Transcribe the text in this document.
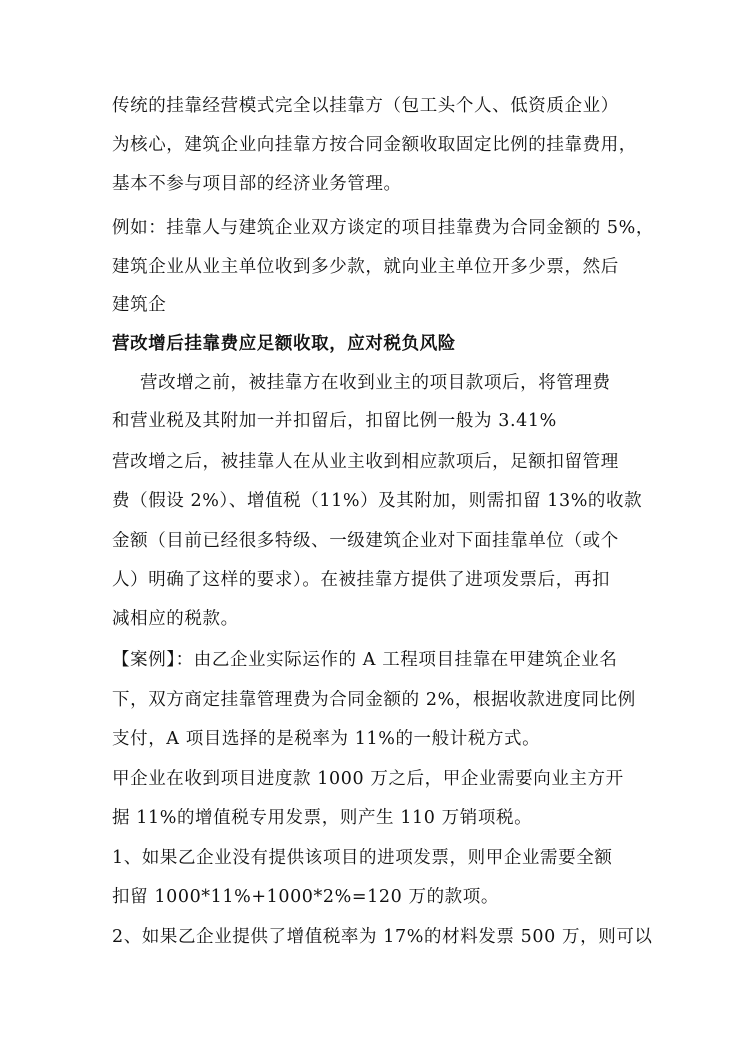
传统的挂靠经营模式完全以挂靠方（包工头个人、低资质企业）
为核心，建筑企业向挂靠方按合同金额收取固定比例的挂靠费用，
基本不参与项目部的经济业务管理。
例如：挂靠人与建筑企业双方谈定的项目挂靠费为合同金额的 5%，
建筑企业从业主单位收到多少款，就向业主单位开多少票，然后
建筑企
营改增后挂靠费应足额收取，应对税负风险
营改增之前，被挂靠方在收到业主的项目款项后，将管理费
和营业税及其附加一并扣留后，扣留比例一般为 3.41%
营改增之后，被挂靠人在从业主收到相应款项后，足额扣留管理
费（假设 2%）、增值税（11%）及其附加，则需扣留 13%的收款
金额（目前已经很多特级、一级建筑企业对下面挂靠单位（或个
人）明确了这样的要求）。在被挂靠方提供了进项发票后，再扣
减相应的税款。
【案例】：由乙企业实际运作的 A 工程项目挂靠在甲建筑企业名
下，双方商定挂靠管理费为合同金额的 2%，根据收款进度同比例
支付，A 项目选择的是税率为 11%的一般计税方式。
甲企业在收到项目进度款 1000 万之后，甲企业需要向业主方开
据 11%的增值税专用发票，则产生 110 万销项税。
1、如果乙企业没有提供该项目的进项发票，则甲企业需要全额
扣留 1000*11%+1000*2%=120 万的款项。
2、如果乙企业提供了增值税率为 17%的材料发票 500 万，则可以
